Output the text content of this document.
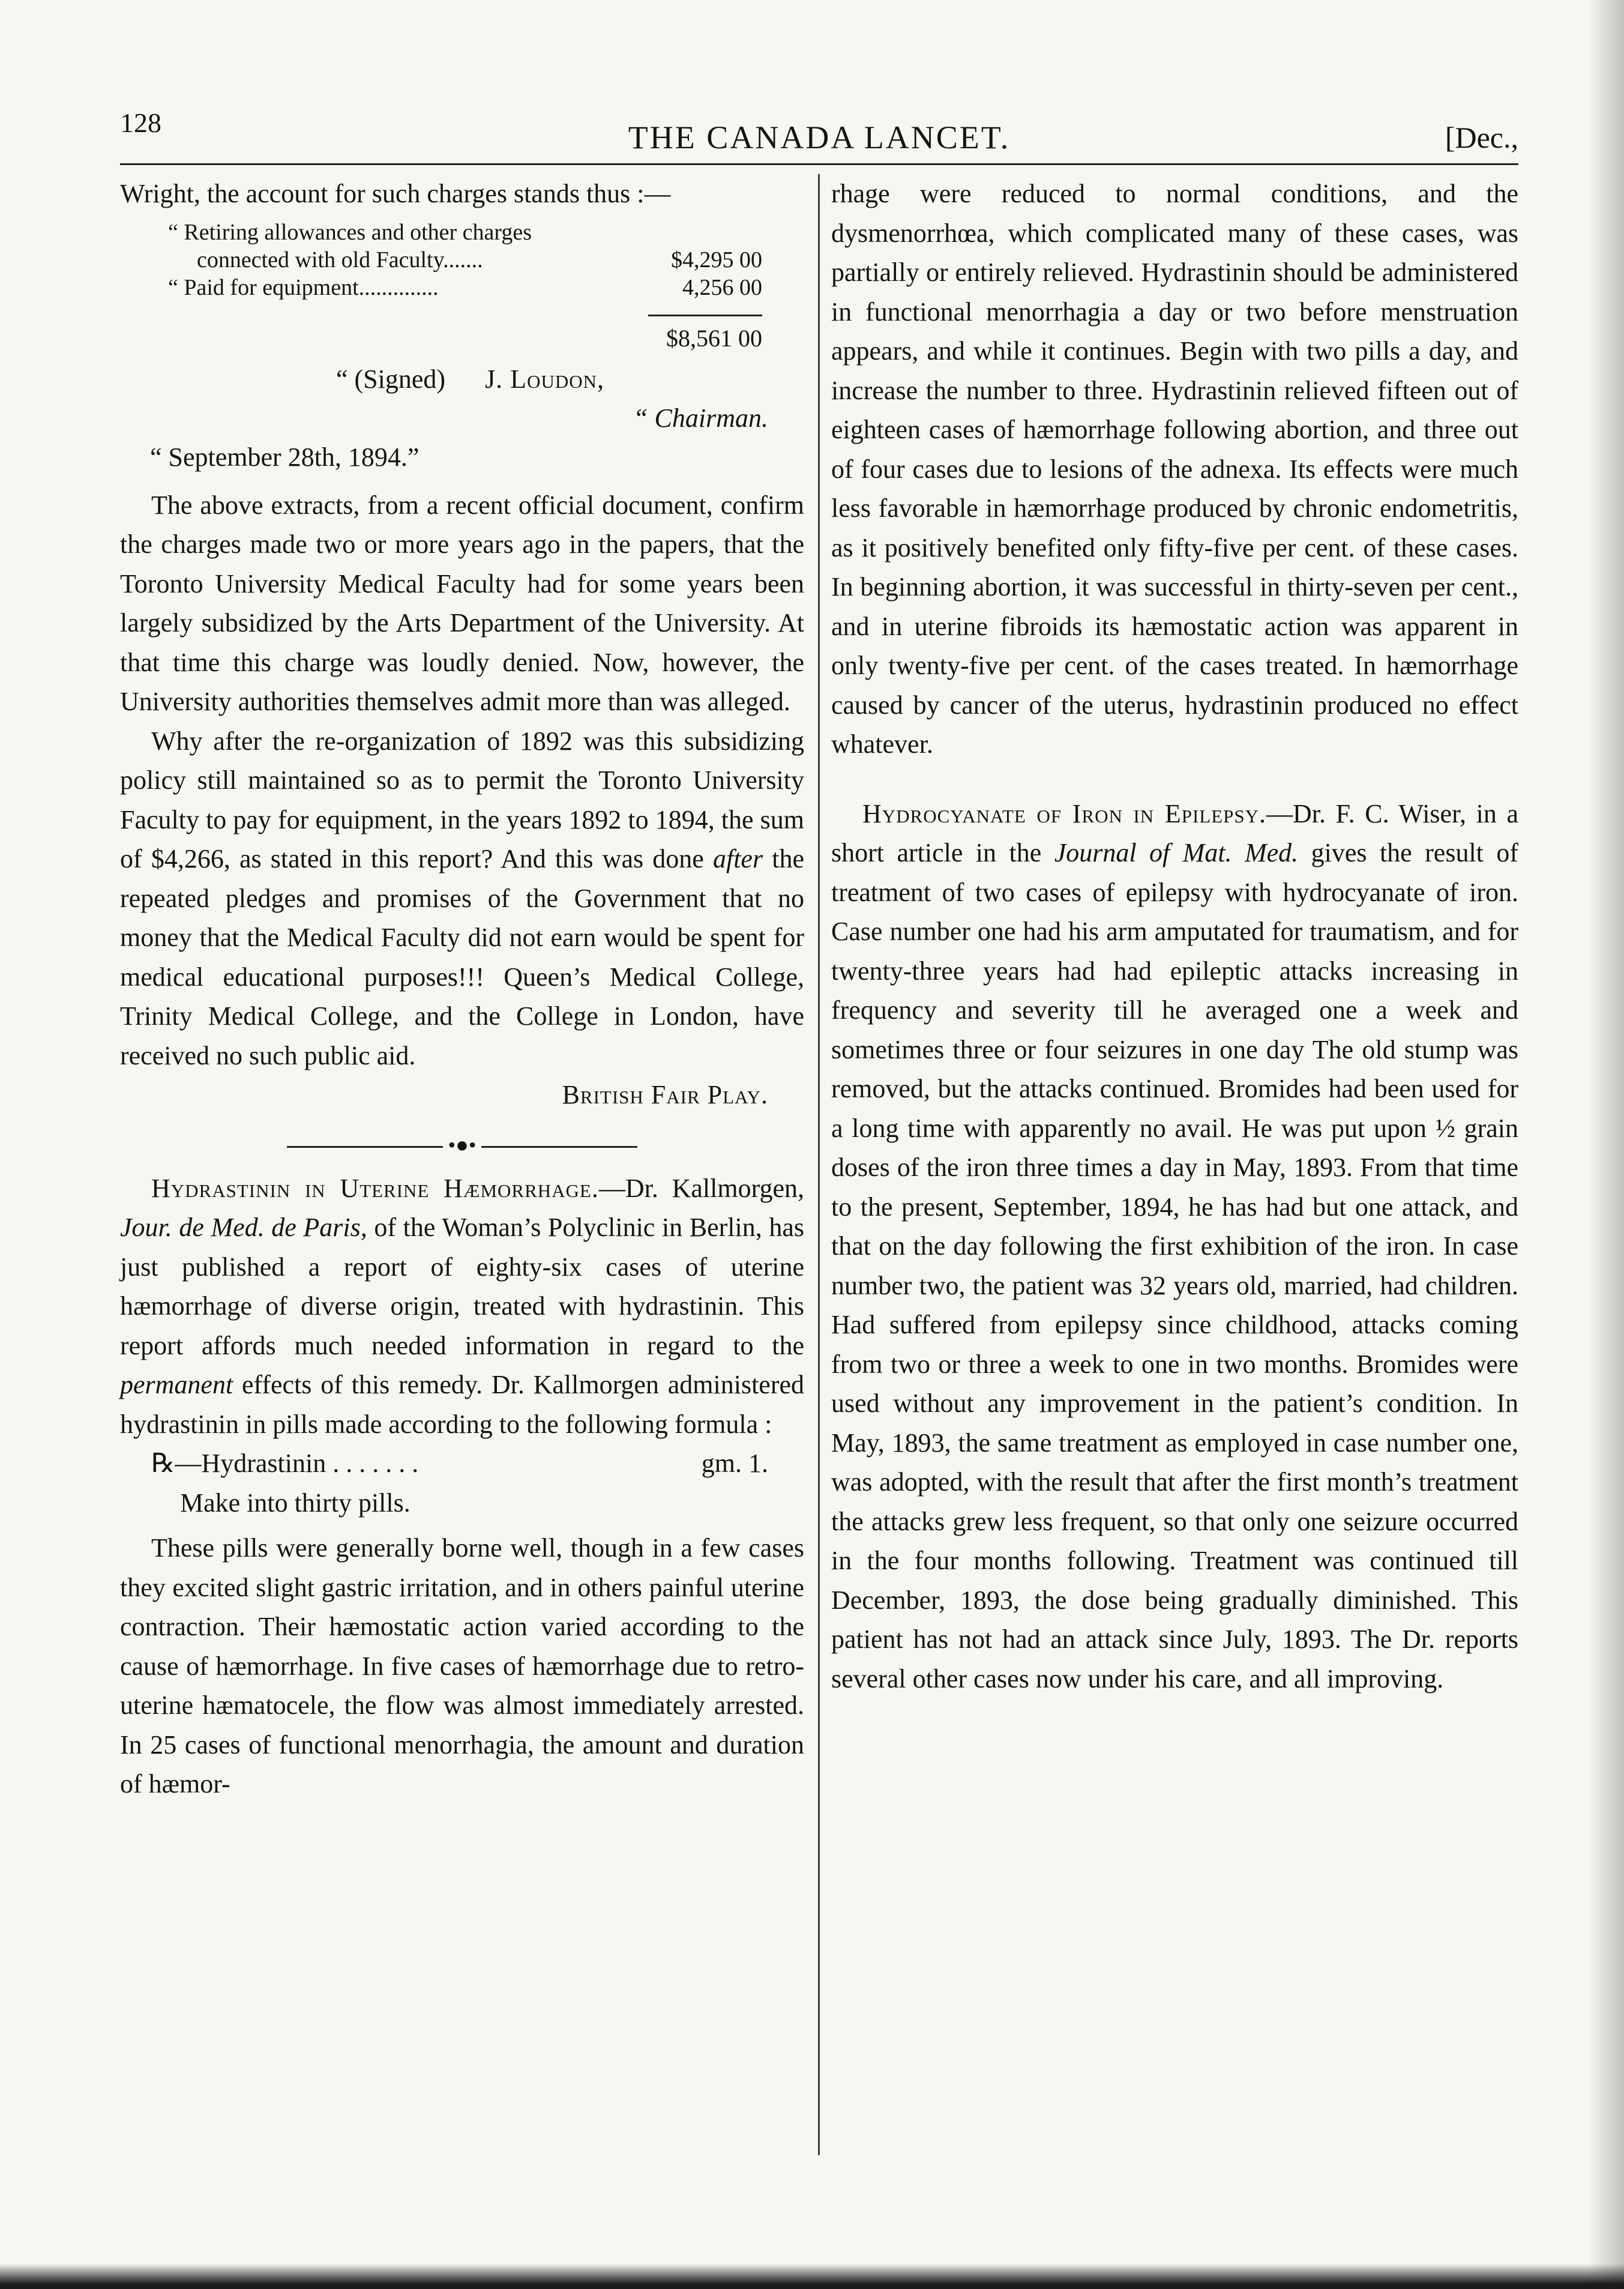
128	THE CANADA LANCET.	[Dec.,

Wright, the account for such charges stands thus :—

“ Retiring allowances and other charges
connected with old Faculty.......	$4,295 00
“ Paid for equipment..............	4,256 00
$8,561 00
“ (Signed) J. Loudon,
“ Chairman.
“ September 28th, 1894.”

The above extracts, from a recent official document, confirm the charges made two or more years ago in the papers, that the Toronto University Medical Faculty had for some years been largely subsidized by the Arts Department of the University. At that time this charge was loudly denied. Now, however, the University authorities themselves admit more than was alleged.

Why after the re-organization of 1892 was this subsidizing policy still maintained so as to permit the Toronto University Faculty to pay for equipment, in the years 1892 to 1894, the sum of $4,266, as stated in this report? And this was done after the repeated pledges and promises of the Government that no money that the Medical Faculty did not earn would be spent for medical educational purposes!!! Queen’s Medical College, Trinity Medical College, and the College in London, have received no such public aid.

British Fair Play.
•●•

Hydrastinin in Uterine Hæmorrhage.—Dr. Kallmorgen, Jour. de Med. de Paris, of the Woman’s Polyclinic in Berlin, has just published a report of eighty-six cases of uterine hæmorrhage of diverse origin, treated with hydrastinin. This report affords much needed information in regard to the permanent effects of this remedy. Dr. Kallmorgen administered hydrastinin in pills made according to the following formula :

℞—Hydrastinin . . . . . . .	gm. 1.
Make into thirty pills.

These pills were generally borne well, though in a few cases they excited slight gastric irritation, and in others painful uterine contraction. Their hæmostatic action varied according to the cause of hæmorrhage. In five cases of hæmorrhage due to retro-uterine hæmatocele, the flow was almost immediately arrested. In 25 cases of functional menorrhagia, the amount and duration of hæmor-

rhage were reduced to normal conditions, and the dysmenorrhœa, which complicated many of these cases, was partially or entirely relieved. Hydrastinin should be administered in functional menorrhagia a day or two before menstruation appears, and while it continues. Begin with two pills a day, and increase the number to three. Hydrastinin relieved fifteen out of eighteen cases of hæmorrhage following abortion, and three out of four cases due to lesions of the adnexa. Its effects were much less favorable in hæmorrhage produced by chronic endometritis, as it positively benefited only fifty-five per cent. of these cases. In beginning abortion, it was successful in thirty-seven per cent., and in uterine fibroids its hæmostatic action was apparent in only twenty-five per cent. of the cases treated. In hæmorrhage caused by cancer of the uterus, hydrastinin produced no effect whatever.

Hydrocyanate of Iron in Epilepsy.—Dr. F. C. Wiser, in a short article in the Journal of Mat. Med. gives the result of treatment of two cases of epilepsy with hydrocyanate of iron. Case number one had his arm amputated for traumatism, and for twenty-three years had had epileptic attacks increasing in frequency and severity till he averaged one a week and sometimes three or four seizures in one day The old stump was removed, but the attacks continued. Bromides had been used for a long time with apparently no avail. He was put upon ½ grain doses of the iron three times a day in May, 1893. From that time to the present, September, 1894, he has had but one attack, and that on the day following the first exhibition of the iron. In case number two, the patient was 32 years old, married, had children. Had suffered from epilepsy since childhood, attacks coming from two or three a week to one in two months. Bromides were used without any improvement in the patient’s condition. In May, 1893, the same treatment as employed in case number one, was adopted, with the result that after the first month’s treatment the attacks grew less frequent, so that only one seizure occurred in the four months following. Treatment was continued till December, 1893, the dose being gradually diminished. This patient has not had an attack since July, 1893. The Dr. reports several other cases now under his care, and all improving.
